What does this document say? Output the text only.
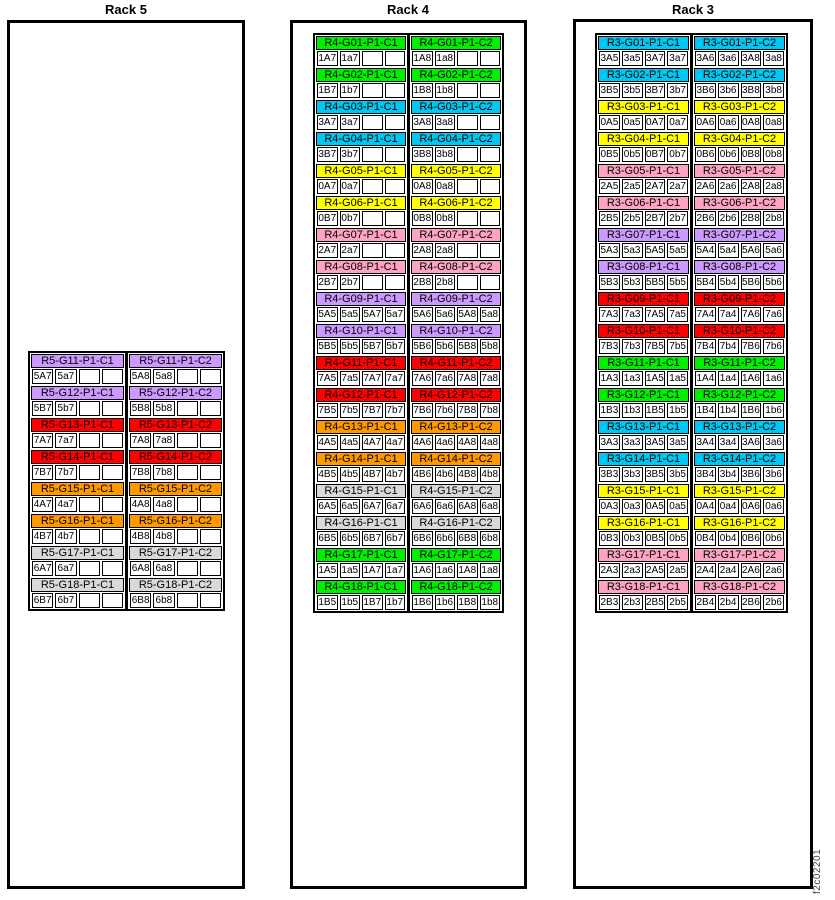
Rack 5	Rack 4	Rack 3
R5-G11-P1-C1
5A7 5a7
R5-G12-P1-C1
5B7 5b7
R5-G13-P1-C1
7A7 7a7
R5-G14-P1-C1
7B7 7b7
R5-G15-P1-C1
4A7 4a7
R5-G16-P1-C1
4B7 4b7
R5-G17-P1-C1
6A7 6a7
R5-G18-P1-C1
6B7 6b7
R5-G11-P1-C2
5A8 5a8
R5-G12-P1-C2
5B8 5b8
R5-G13-P1-C2
7A8 7a8
R5-G14-P1-C2
7B8 7b8
R5-G15-P1-C2
4A8 4a8
R5-G16-P1-C2
4B8 4b8
R5-G17-P1-C2
6A8 6a8
R5-G18-P1-C2
6B8 6b8
R4-G01-P1-C1
1A7 1a7
R4-G02-P1-C1
1B7 1b7
R4-G03-P1-C1
3A7 3a7
R4-G04-P1-C1
3B7 3b7
R4-G05-P1-C1
0A7 0a7
R4-G06-P1-C1
0B7 0b7
R4-G07-P1-C1
2A7 2a7
R4-G08-P1-C1
2B7 2b7
R4-G09-P1-C1
5A5 5a5 5A7 5a7
R4-G10-P1-C1
5B5 5b5 5B7 5b7
R4-G11-P1-C1
7A5 7a5 7A7 7a7
R4-G12-P1-C1
7B5 7b5 7B7 7b7
R4-G13-P1-C1
4A5 4a5 4A7 4a7
R4-G14-P1-C1
4B5 4b5 4B7 4b7
R4-G15-P1-C1
6A5 6a5 6A7 6a7
R4-G16-P1-C1
6B5 6b5 6B7 6b7
R4-G17-P1-C1
1A5 1a5 1A7 1a7
R4-G18-P1-C1
1B5 1b5 1B7 1b7
R4-G01-P1-C2
1A8 1a8
R4-G02-P1-C2
1B8 1b8
R4-G03-P1-C2
3A8 3a8
R4-G04-P1-C2
3B8 3b8
R4-G05-P1-C2
0A8 0a8
R4-G06-P1-C2
0B8 0b8
R4-G07-P1-C2
2A8 2a8
R4-G08-P1-C2
2B8 2b8
R4-G09-P1-C2
5A6 5a6 5A8 5a8
R4-G10-P1-C2
5B6 5b6 5B8 5b8
R4-G11-P1-C2
7A6 7a6 7A8 7a8
R4-G12-P1-C2
7B6 7b6 7B8 7b8
R4-G13-P1-C2
4A6 4a6 4A8 4a8
R4-G14-P1-C2
4B6 4b6 4B8 4b8
R4-G15-P1-C2
6A6 6a6 6A8 6a8
R4-G16-P1-C2
6B6 6b6 6B8 6b8
R4-G17-P1-C2
1A6 1a6 1A8 1a8
R4-G18-P1-C2
1B6 1b6 1B8 1b8
R3-G01-P1-C1
3A5 3a5 3A7 3a7
R3-G02-P1-C1
3B5 3b5 3B7 3b7
R3-G03-P1-C1
0A5 0a5 0A7 0a7
R3-G04-P1-C1
0B5 0b5 0B7 0b7
R3-G05-P1-C1
2A5 2a5 2A7 2a7
R3-G06-P1-C1
2B5 2b5 2B7 2b7
R3-G07-P1-C1
5A3 5a3 5A5 5a5
R3-G08-P1-C1
5B3 5b3 5B5 5b5
R3-G09-P1-C1
7A3 7a3 7A5 7a5
R3-G10-P1-C1
7B3 7b3 7B5 7b5
R3-G11-P1-C1
1A3 1a3 1A5 1a5
R3-G12-P1-C1
1B3 1b3 1B5 1b5
R3-G13-P1-C1
3A3 3a3 3A5 3a5
R3-G14-P1-C1
3B3 3b3 3B5 3b5
R3-G15-P1-C1
0A3 0a3 0A5 0a5
R3-G16-P1-C1
0B3 0b3 0B5 0b5
R3-G17-P1-C1
2A3 2a3 2A5 2a5
R3-G18-P1-C1
2B3 2b3 2B5 2b5
R3-G01-P1-C2
3A6 3a6 3A8 3a8
R3-G02-P1-C2
3B6 3b6 3B8 3b8
R3-G03-P1-C2
0A6 0a6 0A8 0a8
R3-G04-P1-C2
0B6 0b6 0B8 0b8
R3-G05-P1-C2
2A6 2a6 2A8 2a8
R3-G06-P1-C2
2B6 2b6 2B8 2b8
R3-G07-P1-C2
5A4 5a4 5A6 5a6
R3-G08-P1-C2
5B4 5b4 5B6 5b6
R3-G09-P1-C2
7A4 7a4 7A6 7a6
R3-G10-P1-C2
7B4 7b4 7B6 7b6
R3-G11-P1-C2
1A4 1a4 1A6 1a6
R3-G12-P1-C2
1B4 1b4 1B6 1b6
R3-G13-P1-C2
3A4 3a4 3A6 3a6
R3-G14-P1-C2
3B4 3b4 3B6 3b6
R3-G15-P1-C2
0A4 0a4 0A6 0a6
R3-G16-P1-C2
0B4 0b4 0B6 0b6
R3-G17-P1-C2
2A4 2a4 2A6 2a6
R3-G18-P1-C2
2B4 2b4 2B6 2b6
f2c02201
